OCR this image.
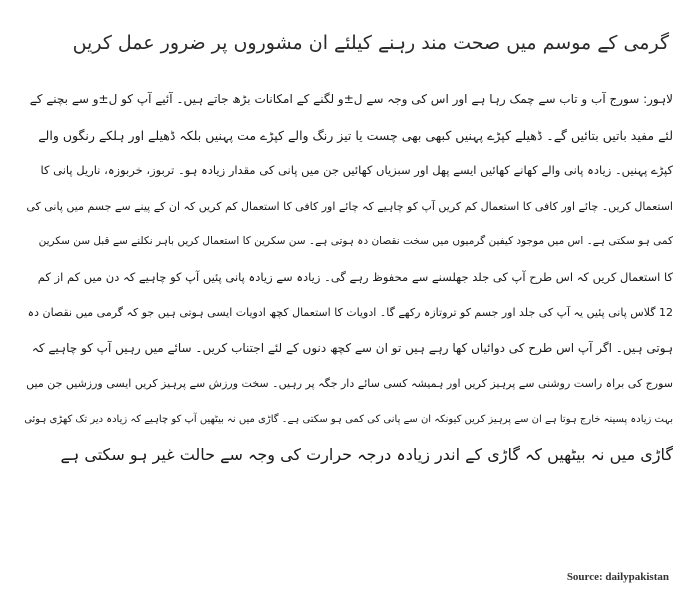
گرمی کے موسم میں صحت مند رہنے کیلئے ان مشوروں پر ضرور عمل کریں
لاہور: سورج آب و تاب سے چمک رہا ہے اور اس کی وجہ سے ل±و لگنے کے امکانات بڑھ جاتے ہیں۔ آئیے آپ کو ل±و سے بچنے کے
لئے مفید باتیں بتائیں گے۔ ڈھیلے کپڑے پہنیں کبھی بھی چست یا تیز رنگ والے کپڑے مت پہنیں بلکہ ڈھیلے اور ہلکے رنگوں والے
کپڑے پہنیں۔ زیادہ پانی والے کھانے کھائیں ایسے پھل اور سبزیاں کھائیں جن میں پانی کی مقدار زیادہ ہو۔ تربوز، خربوزہ، ناریل پانی کا
استعمال کریں۔ چائے اور کافی کا استعمال کم کریں آپ کو چاہیے کہ چائے اور کافی کا استعمال کم کریں کہ ان کے پینے سے جسم میں پانی کی
کمی ہو سکتی ہے۔ اس میں موجود کیفین گرمیوں میں سخت نقصان دہ ہوتی ہے۔ سن سکرین کا استعمال کریں باہر نکلنے سے قبل سن سکرین
کا استعمال کریں کہ اس طرح آپ کی جلد جھلسنے سے محفوظ رہے گی۔ زیادہ سے زیادہ پانی پئیں آپ کو چاہیے کہ دن میں کم از کم
12 گلاس پانی پئیں یہ آپ کی جلد اور جسم کو تروتازہ رکھے گا۔ ادویات کا استعمال کچھ ادویات ایسی ہوتی ہیں جو کہ گرمی میں نقصان دہ
ہوتی ہیں۔ اگر آپ اس طرح کی دوائیاں کھا رہے ہیں تو ان سے کچھ دنوں کے لئے اجتناب کریں۔ سائے میں رہیں آپ کو چاہیے کہ
سورج کی براہ راست روشنی سے پرہیز کریں اور ہمیشہ کسی سائے دار جگہ پر رہیں۔ سخت ورزش سے پرہیز کریں ایسی ورزشیں جن میں
بہت زیادہ پسینہ خارج ہوتا ہے ان سے پرہیز کریں کیونکہ ان سے پانی کی کمی ہو سکتی ہے۔ گاڑی میں نہ بیٹھیں آپ کو چاہیے کہ زیادہ دیر تک کھڑی ہوئی
گاڑی میں نہ بیٹھیں کہ گاڑی کے اندر زیادہ درجہ حرارت کی وجہ سے حالت غیر ہو سکتی ہے
Source: dailypakistan
